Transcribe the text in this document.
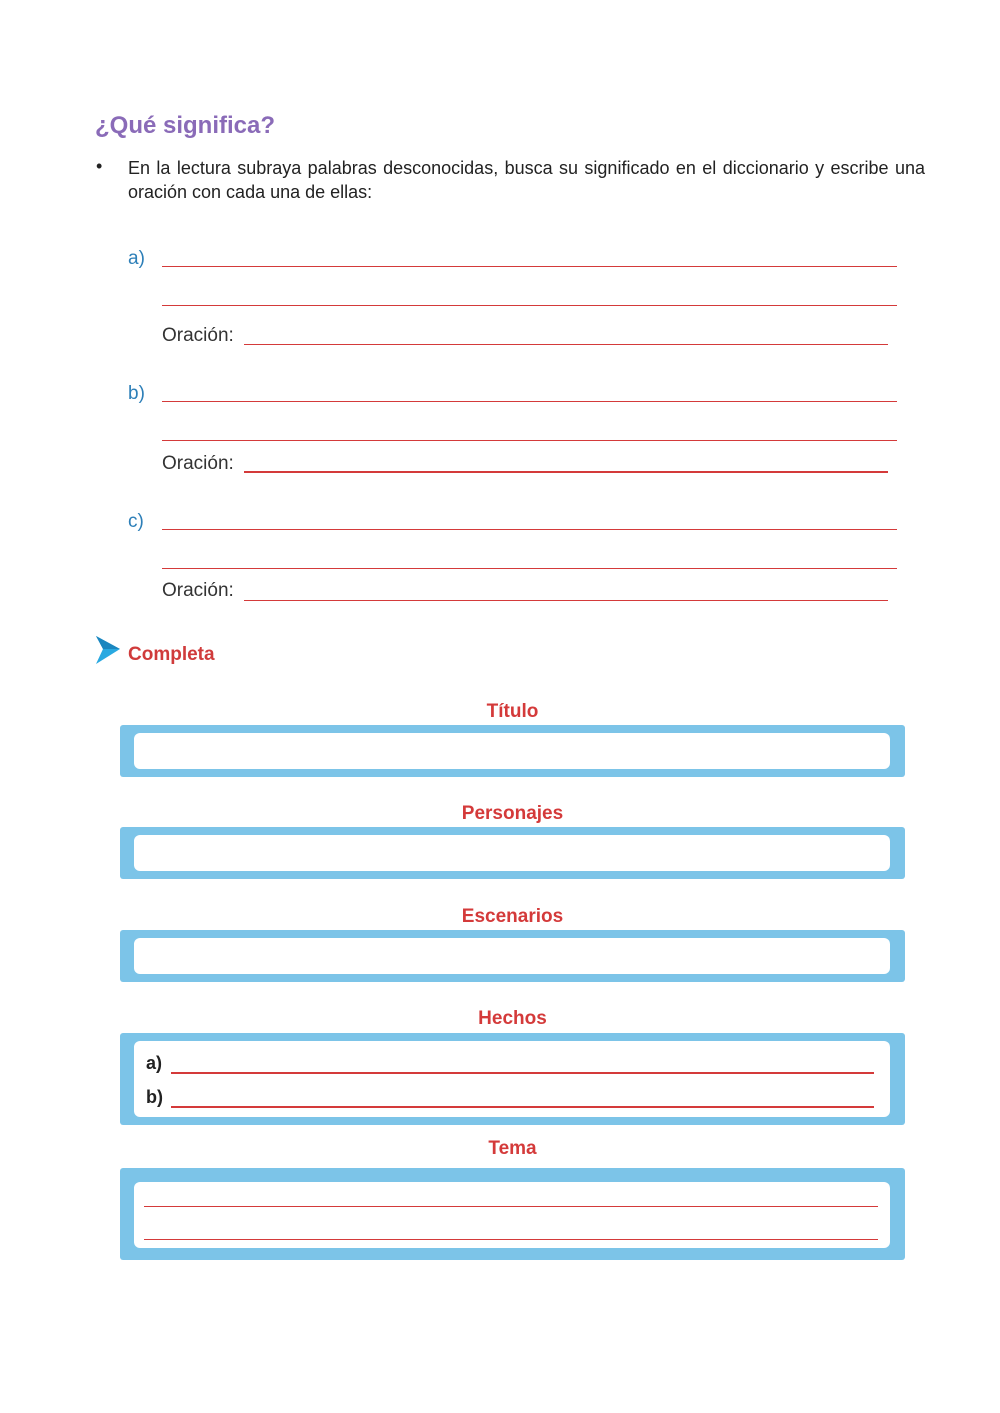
¿Qué significa?
• En la lectura subraya palabras desconocidas, busca su significado en el diccionario y escribe una oración con cada una de ellas:
a)
Oración:
b)
Oración:
c)
Oración:
Completa
Título
Personajes
Escenarios
Hechos
a)
b)
Tema
